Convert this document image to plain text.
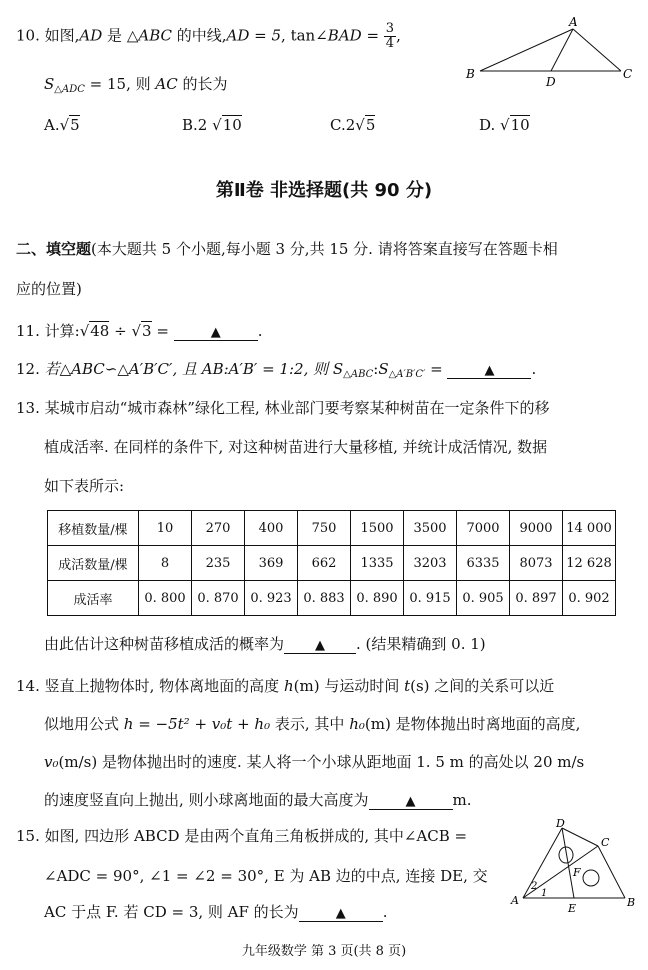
10. 如图,AD 是 △ABC 的中线,AD = 5, tan∠BAD = $\frac{3}{4}$ ,
$S_{\triangle ADC} = 15$, 则 AC 的长为
A
B	C
D
A.√5	B.2 √10	C.2√5	D. √10
第Ⅱ卷 非选择题(共 90 分)
二、填空题(本大题共 5 个小题,每小题 3 分,共 15 分. 请将答案直接写在答题卡相
应的位置)
11. 计算:√48 ÷ √3 =	▲ .
12. 若△ABC∽△A′B′C′, 且 AB:A′B′ = 1:2, 则 $S_{\triangle ABC}:S_{\triangle A'B'C'}$ =	▲ .
13. 某城市启动“城市森林”绿化工程, 林业部门要考察某种树苗在一定条件下的移
植成活率. 在同样的条件下, 对这种树苗进行大量移植, 并统计成活情况, 数据
如下表所示:
移植数量/棵	10	270	400	750	1500	3500	7000	9000	14 000
成活数量/棵	8	235	369	662	1335	3203	6335	8073	12 628
成活率	0. 800	0. 870	0. 923	0. 883	0. 890	0. 915	0. 905	0. 897	0. 902
由此估计这种树苗移植成活的概率为 ▲ . (结果精确到 0. 1)
14. 竖直上抛物体时, 物体离地面的高度 h(m) 与运动时间 t(s) 之间的关系可以近
似地用公式 h = −5t² + v₀t + h₀ 表示, 其中 h₀(m) 是物体抛出时离地面的高度,
v₀(m/s) 是物体抛出时的速度. 某人将一个小球从距地面 1. 5 m 的高处以 20 m/s
的速度竖直向上抛出, 则小球离地面的最大高度为	▲ m.
15. 如图, 四边形 ABCD 是由两个直角三角板拼成的, 其中∠ACB =
∠ADC = 90°, ∠1 = ∠2 = 30°, E 为 AB 边的中点, 连接 DE, 交
AC 于点 F. 若 CD = 3, 则 AF 的长为	▲ .
D
C
A	B
E
F
2
1
九年级数学 第 3 页(共 8 页)
